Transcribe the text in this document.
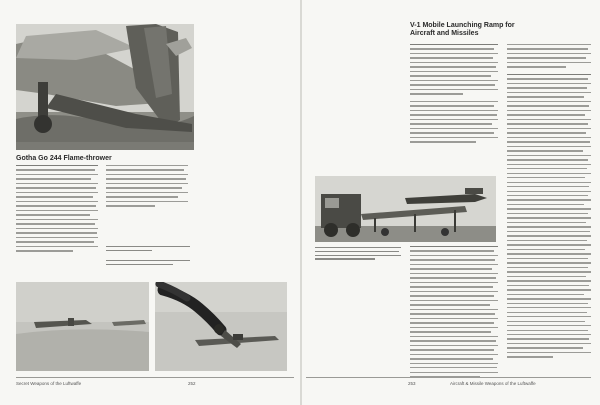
Gotha Go 244 Flame-thrower
Secret Weapons of the Luftwaffe	252
V-1 Mobile Launching Ramp for Aircraft and Missiles
253	Aircraft & Missile Weapons of the Luftwaffe
